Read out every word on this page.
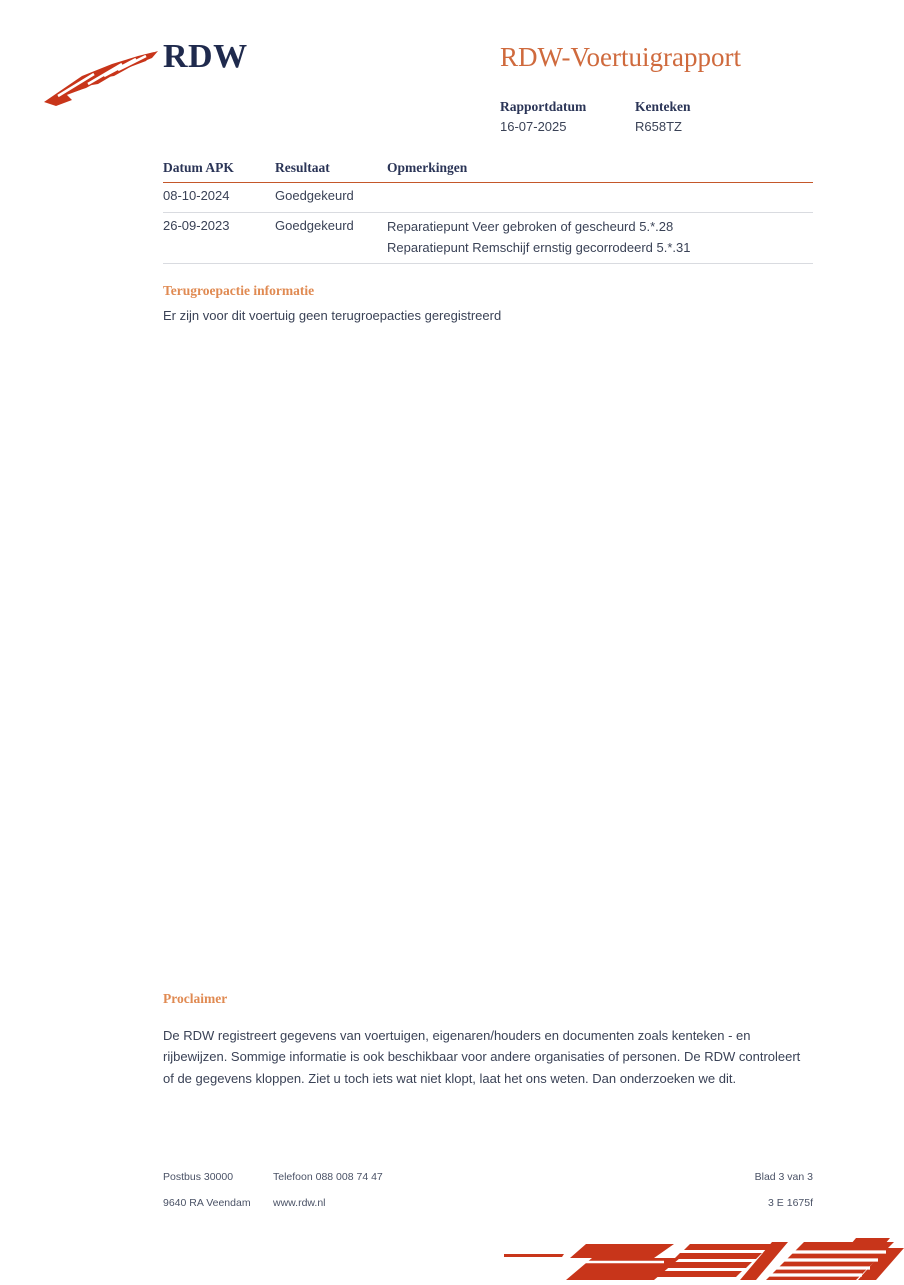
RDW	RDW-Voertuigrapport
Rapportdatum
16-07-2025
Kenteken
R658TZ
Datum APK	Resultaat	Opmerkingen
08-10-2024	Goedgekeurd
26-09-2023	Goedgekeurd	Reparatiepunt Veer gebroken of gescheurd 5.*.28
Reparatiepunt Remschijf ernstig gecorrodeerd 5.*.31
Terugroepactie informatie
Er zijn voor dit voertuig geen terugroepacties geregistreerd
Proclaimer
De RDW registreert gegevens van voertuigen, eigenaren/houders en documenten zoals kenteken - en rijbewijzen. Sommige informatie is ook beschikbaar voor andere organisaties of personen. De RDW controleert of de gegevens kloppen. Ziet u toch iets wat niet klopt, laat het ons weten. Dan onderzoeken we dit.
Postbus 30000	Telefoon 088 008 74 47	Blad 3 van 3
9640 RA Veendam www.rdw.nl	3 E 1675f
